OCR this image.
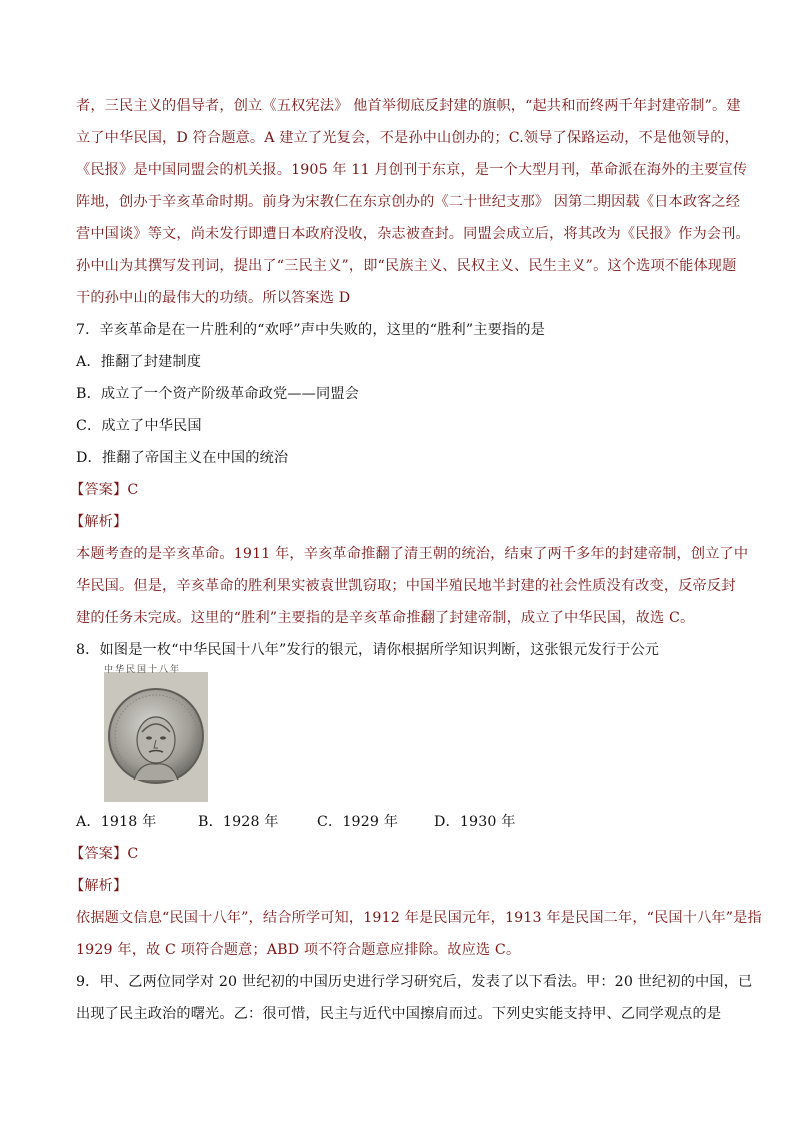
者，三民主义的倡导者，创立《五权宪法》 他首举彻底反封建的旗帜，“起共和而终两千年封建帝制”。建
立了中华民国，D 符合题意。A 建立了光复会，不是孙中山创办的；C.领导了保路运动，不是他领导的，
《民报》是中国同盟会的机关报。1905 年 11 月创刊于东京，是一个大型月刊，革命派在海外的主要宣传
阵地，创办于辛亥革命时期。前身为宋教仁在东京创办的《二十世纪支那》 因第二期因载《日本政客之经
营中国谈》等文，尚未发行即遭日本政府没收，杂志被查封。同盟会成立后，将其改为《民报》作为会刊。
孙中山为其撰写发刊词，提出了“三民主义”，即“民族主义、民权主义、民生主义”。这个选项不能体现题
干的孙中山的最伟大的功绩。所以答案选 D
7．辛亥革命是在一片胜利的“欢呼”声中失败的，这里的“胜利”主要指的是
A．推翻了封建制度
B．成立了一个资产阶级革命政党——同盟会
C．成立了中华民国
D．推翻了帝国主义在中国的统治
【答案】C
【解析】
本题考查的是辛亥革命。1911 年，辛亥革命推翻了清王朝的统治，结束了两千多年的封建帝制，创立了中
华民国。但是，辛亥革命的胜利果实被袁世凯窃取；中国半殖民地半封建的社会性质没有改变，反帝反封
建的任务未完成。这里的“胜利”主要指的是辛亥革命推翻了封建帝制，成立了中华民国，故选 C。
8．如图是一枚“中华民国十八年”发行的银元，请你根据所学知识判断，这张银元发行于公元
中华民国十八年
A．1918 年	B．1928 年	C．1929 年	D．1930 年
【答案】C
【解析】
依据题文信息“民国十八年”，结合所学可知，1912 年是民国元年，1913 年是民国二年，“民国十八年”是指
1929 年，故 C 项符合题意；ABD 项不符合题意应排除。故应选 C。
9．甲、乙两位同学对 20 世纪初的中国历史进行学习研究后，发表了以下看法。甲：20 世纪初的中国，已
出现了民主政治的曙光。乙：很可惜，民主与近代中国擦肩而过。下列史实能支持甲、乙同学观点的是
